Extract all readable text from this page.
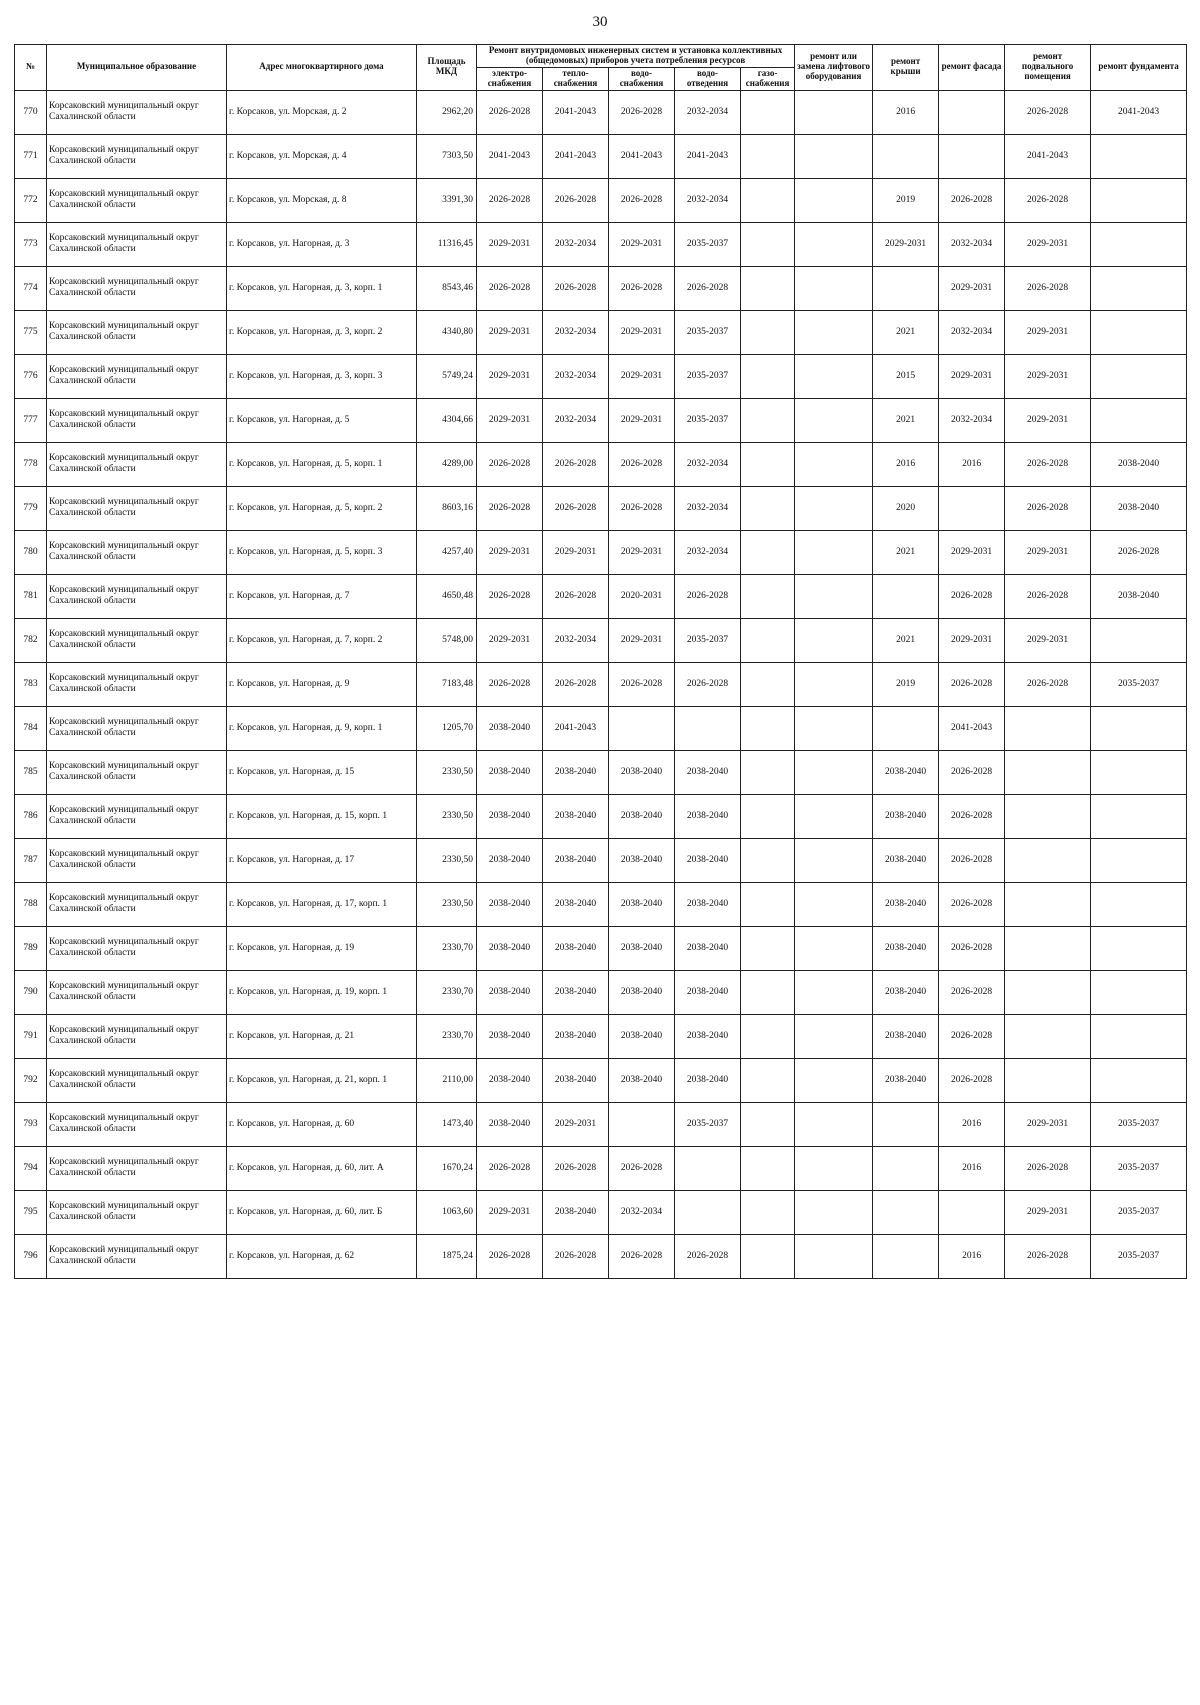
30
№	Муниципальное образование	Адрес многоквартирного дома	Площадь МКД	Ремонт внутридомовых инженерных систем и установка коллективных (общедомовых) приборов учета потребления ресурсов					ремонт или замена лифтового оборудования	ремонт крыши	ремонт фасада	ремонт подвального помещения	ремонт фундамента
				электро-снабжения	тепло-снабжения	водо-снабжения	водо-отведения	газо-снабжения					
770	Корсаковский муниципальный округ Сахалинской области	г. Корсаков, ул. Морская, д. 2	2962,20	2026-2028	2041-2043	2026-2028	2032-2034			2016		2026-2028	2041-2043
771	Корсаковский муниципальный округ Сахалинской области	г. Корсаков, ул. Морская, д. 4	7303,50	2041-2043	2041-2043	2041-2043	2041-2043					2041-2043	
772	Корсаковский муниципальный округ Сахалинской области	г. Корсаков, ул. Морская, д. 8	3391,30	2026-2028	2026-2028	2026-2028	2032-2034			2019	2026-2028	2026-2028	
773	Корсаковский муниципальный округ Сахалинской области	г. Корсаков, ул. Нагорная, д. 3	11316,45	2029-2031	2032-2034	2029-2031	2035-2037			2029-2031	2032-2034	2029-2031	
774	Корсаковский муниципальный округ Сахалинской области	г. Корсаков, ул. Нагорная, д. 3, корп. 1	8543,46	2026-2028	2026-2028	2026-2028	2026-2028				2029-2031	2026-2028	
775	Корсаковский муниципальный округ Сахалинской области	г. Корсаков, ул. Нагорная, д. 3, корп. 2	4340,80	2029-2031	2032-2034	2029-2031	2035-2037			2021	2032-2034	2029-2031	
776	Корсаковский муниципальный округ Сахалинской области	г. Корсаков, ул. Нагорная, д. 3, корп. 3	5749,24	2029-2031	2032-2034	2029-2031	2035-2037			2015	2029-2031	2029-2031	
777	Корсаковский муниципальный округ Сахалинской области	г. Корсаков, ул. Нагорная, д. 5	4304,66	2029-2031	2032-2034	2029-2031	2035-2037			2021	2032-2034	2029-2031	
778	Корсаковский муниципальный округ Сахалинской области	г. Корсаков, ул. Нагорная, д. 5, корп. 1	4289,00	2026-2028	2026-2028	2026-2028	2032-2034			2016	2016	2026-2028	2038-2040
779	Корсаковский муниципальный округ Сахалинской области	г. Корсаков, ул. Нагорная, д. 5, корп. 2	8603,16	2026-2028	2026-2028	2026-2028	2032-2034			2020		2026-2028	2038-2040
780	Корсаковский муниципальный округ Сахалинской области	г. Корсаков, ул. Нагорная, д. 5, корп. 3	4257,40	2029-2031	2029-2031	2029-2031	2032-2034			2021	2029-2031	2029-2031	2026-2028
781	Корсаковский муниципальный округ Сахалинской области	г. Корсаков, ул. Нагорная, д. 7	4650,48	2026-2028	2026-2028	2020-2031	2026-2028				2026-2028	2026-2028	2038-2040
782	Корсаковский муниципальный округ Сахалинской области	г. Корсаков, ул. Нагорная, д. 7, корп. 2	5748,00	2029-2031	2032-2034	2029-2031	2035-2037			2021	2029-2031	2029-2031	
783	Корсаковский муниципальный округ Сахалинской области	г. Корсаков, ул. Нагорная, д. 9	7183,48	2026-2028	2026-2028	2026-2028	2026-2028			2019	2026-2028	2026-2028	2035-2037
784	Корсаковский муниципальный округ Сахалинской области	г. Корсаков, ул. Нагорная, д. 9, корп. 1	1205,70	2038-2040	2041-2043						2041-2043		
785	Корсаковский муниципальный округ Сахалинской области	г. Корсаков, ул. Нагорная, д. 15	2330,50	2038-2040	2038-2040	2038-2040	2038-2040			2038-2040	2026-2028		
786	Корсаковский муниципальный округ Сахалинской области	г. Корсаков, ул. Нагорная, д. 15, корп. 1	2330,50	2038-2040	2038-2040	2038-2040	2038-2040			2038-2040	2026-2028		
787	Корсаковский муниципальный округ Сахалинской области	г. Корсаков, ул. Нагорная, д. 17	2330,50	2038-2040	2038-2040	2038-2040	2038-2040			2038-2040	2026-2028		
788	Корсаковский муниципальный округ Сахалинской области	г. Корсаков, ул. Нагорная, д. 17, корп. 1	2330,50	2038-2040	2038-2040	2038-2040	2038-2040			2038-2040	2026-2028		
789	Корсаковский муниципальный округ Сахалинской области	г. Корсаков, ул. Нагорная, д. 19	2330,70	2038-2040	2038-2040	2038-2040	2038-2040			2038-2040	2026-2028		
790	Корсаковский муниципальный округ Сахалинской области	г. Корсаков, ул. Нагорная, д. 19, корп. 1	2330,70	2038-2040	2038-2040	2038-2040	2038-2040			2038-2040	2026-2028		
791	Корсаковский муниципальный округ Сахалинской области	г. Корсаков, ул. Нагорная, д. 21	2330,70	2038-2040	2038-2040	2038-2040	2038-2040			2038-2040	2026-2028		
792	Корсаковский муниципальный округ Сахалинской области	г. Корсаков, ул. Нагорная, д. 21, корп. 1	2110,00	2038-2040	2038-2040	2038-2040	2038-2040			2038-2040	2026-2028		
793	Корсаковский муниципальный округ Сахалинской области	г. Корсаков, ул. Нагорная, д. 60	1473,40	2038-2040	2029-2031		2035-2037				2016	2029-2031	2035-2037
794	Корсаковский муниципальный округ Сахалинской области	г. Корсаков, ул. Нагорная, д. 60, лит. А	1670,24	2026-2028	2026-2028	2026-2028					2016	2026-2028	2035-2037
795	Корсаковский муниципальный округ Сахалинской области	г. Корсаков, ул. Нагорная, д. 60, лит. Б	1063,60	2029-2031	2038-2040	2032-2034						2029-2031	2035-2037
796	Корсаковский муниципальный округ Сахалинской области	г. Корсаков, ул. Нагорная, д. 62	1875,24	2026-2028	2026-2028	2026-2028	2026-2028				2016	2026-2028	2035-2037
